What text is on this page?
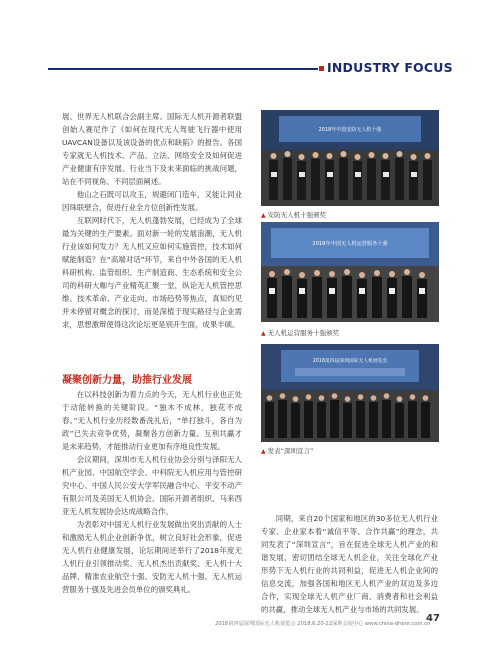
INDUSTRY FOCUS

展、世界无人机联合会副主席、国际无人机开源者联盟创始人赛尼作了《如何在现代无人驾驶飞行器中使用UAVCAN设备以及该设备的优点和缺陷》的报告。各国专家就无人机技术、产品、立法、网络安全及如何促进产业健康有序发展、行业当下及未来面临的挑战问题，站在不同视角、不同层面阐述。

他山之石既可以攻玉，规避闭门造车，又能让同业因珠联壁合，促进行业全方位创新性发展。

互联网时代下，无人机蓬勃发展，已经成为了全球最为关键的生产要素。面对新一轮的发展浪潮，无人机行业该如何发力？无人机又应如何实施管控，技术如何赋能制造？在“高端对话”环节，来自中外各国的无人机科研机构、监管组织、生产制造商、生态系统和安全公司的科研大咖与产业精英汇聚一堂，纵论无人机管控思维、技术革命、产业走向、市场趋势等焦点，真知灼见并未停留对概念的探讨，而是深植于现实路径与企业需求，思想激辩使得这次论坛更是别开生面，成果丰硕。

凝聚创新力量，助推行业发展

在以科技创新为着力点的今天，无人机行业也正处于动能转换的关键阶段。“独木不成林，独花不成春。”无人机行业历经数番洗礼后，“单打独斗，各自为政”已失去竞争优势，凝聚各方创新力量、互利共赢才是未来趋势，才能推动行业更加有序地良性发展。

会议期间，深圳市无人机行业协会分别与泽阳无人机产业园、中国航空学会、中科院无人机应用与管控研究中心、中国人民公安大学军民融合中心、平安不动产有限公司及美国无人机协会、国际开源者组织、马来西亚无人机发展协会达成战略合作。

为表彰对中国无人机行业发展做出突出贡献的人士和激励无人机企业创新争优，树立良好社会形象，促进无人机行业健康发展，论坛期间还举行了2018年度无人机行业引领推动奖、无人机杰出贡献奖、无人机十大品牌、精准农业航空十强、安防无人机十强、无人机运营服务十强及先进会员单位的颁奖典礼。

2018年中国安防无人机十强
▲ 安防无人机十强颁奖
2018年中国无人机运营服务十强
▲ 无人机运营服务十强颁奖
2018第四届深圳国际无人机展览会
▲ 发表“深圳宣言”

同期，来自20个国家和地区的30多位无人机行业专家、企业家本着“诚信平等、合作共赢”的理念，共同发表了“深圳宣言”，旨在促进全球无人机产业的和谐发展，密切团结全球无人机企业，关注全球化产业形势下无人机行业的共同利益，促进无人机企业间的信息交流，加强各国和地区无人机产业的双边及多边合作，实现全球无人机产业厂商、消费者和社会利益的共赢，推动全球无人机产业与市场的共同发展。

2018第四届深圳国际无人机展览会 2018.6.20-22深圳会展中心 www.china-drone.com.cn
47
